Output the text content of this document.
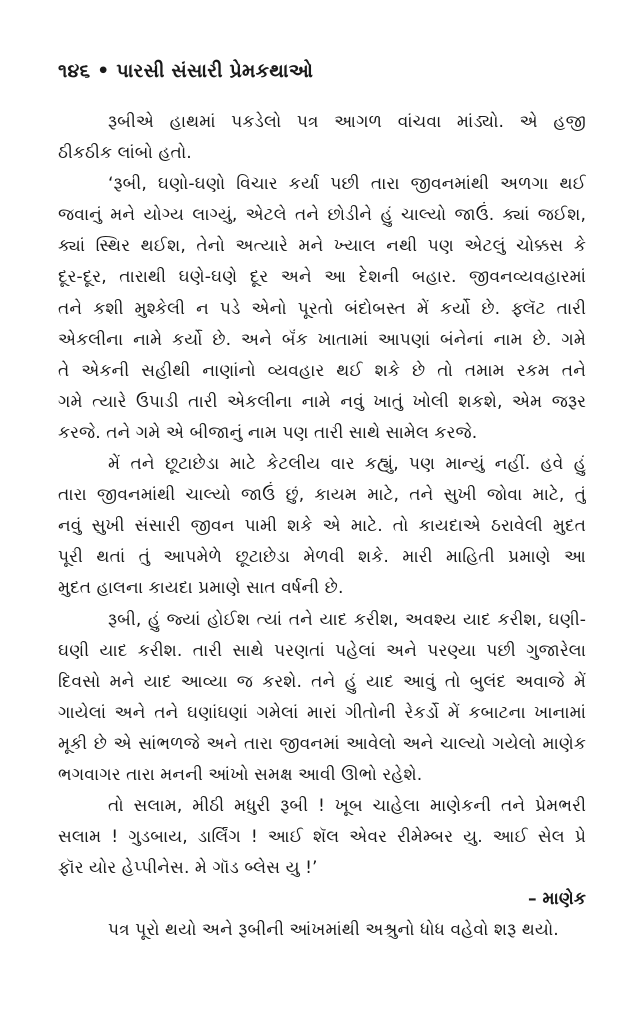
૧૪૬ • પારસી સંસારી પ્રેમકથાઓ
રૂબીએ હાથમાં પકડેલો પત્ર આગળ વાંચવા માંડ્યો. એ હજી
ઠીકઠીક લાંબો હતો.
‘રૂબી, ઘણો-ઘણો વિચાર કર્યા પછી તારા જીવનમાંથી અળગા થઈ
જવાનું મને યોગ્ય લાગ્યું, એટલે તને છોડીને હું ચાલ્યો જાઉં. ક્યાં જઈશ,
ક્યાં સ્થિર થઈશ, તેનો અત્યારે મને ખ્યાલ નથી પણ એટલું ચોક્કસ કે
દૂર-દૂર, તારાથી ઘણે-ઘણે દૂર અને આ દેશની બહાર. જીવનવ્યવહારમાં
તને કશી મુશ્કેલી ન પડે એનો પૂરતો બંદોબસ્ત મેં કર્યો છે. ફ્લૅટ તારી
એકલીના નામે કર્યો છે. અને બૅંક ખાતામાં આપણાં બંનેનાં નામ છે. ગમે
તે એકની સહીથી નાણાંનો વ્યવહાર થઈ શકે છે તો તમામ રકમ તને
ગમે ત્યારે ઉપાડી તારી એકલીના નામે નવું ખાતું ખોલી શકશે, એમ જરૂર
કરજે. તને ગમે એ બીજાનું નામ પણ તારી સાથે સામેલ કરજે.
મેં તને છૂટાછેડા માટે કેટલીય વાર કહ્યું, પણ માન્યું નહીં. હવે હું
તારા જીવનમાંથી ચાલ્યો જાઉં છું, કાયમ માટે, તને સુખી જોવા માટે, તું
નવું સુખી સંસારી જીવન પામી શકે એ માટે. તો કાયદાએ ઠરાવેલી મુદત
પૂરી થતાં તું આપમેળે છૂટાછેડા મેળવી શકે. મારી માહિતી પ્રમાણે આ
મુદત હાલના કાયદા પ્રમાણે સાત વર્ષની છે.
રૂબી, હું જ્યાં હોઈશ ત્યાં તને યાદ કરીશ, અવશ્ય યાદ કરીશ, ઘણી-
ઘણી યાદ કરીશ. તારી સાથે પરણતાં પહેલાં અને પરણ્યા પછી ગુજારેલા
દિવસો મને યાદ આવ્યા જ કરશે. તને હું યાદ આવું તો બુલંદ અવાજે મેં
ગાયેલાં અને તને ઘણાંઘણાં ગમેલાં મારાં ગીતોની રેકર્ડો મેં કબાટના ખાનામાં
મૂકી છે એ સાંભળજે અને તારા જીવનમાં આવેલો અને ચાલ્યો ગયેલો માણેક
ભગવાગર તારા મનની આંખો સમક્ષ આવી ઊભો રહેશે.
તો સલામ, મીઠી મધુરી રૂબી ! ખૂબ ચાહેલા માણેકની તને પ્રેમભરી
સલામ ! ગુડબાય, ડાર્લિંગ ! આઈ શૅલ એવર રીમેમ્બર યુ. આઈ સેલ પ્રે
ફૉર યોર હેપ્પીનેસ. મે ગૉડ બ્લેસ યુ !’
– માણેક
પત્ર પૂરો થયો અને રૂબીની આંખમાંથી અશ્રુનો ધોધ વહેવો શરૂ થયો.
